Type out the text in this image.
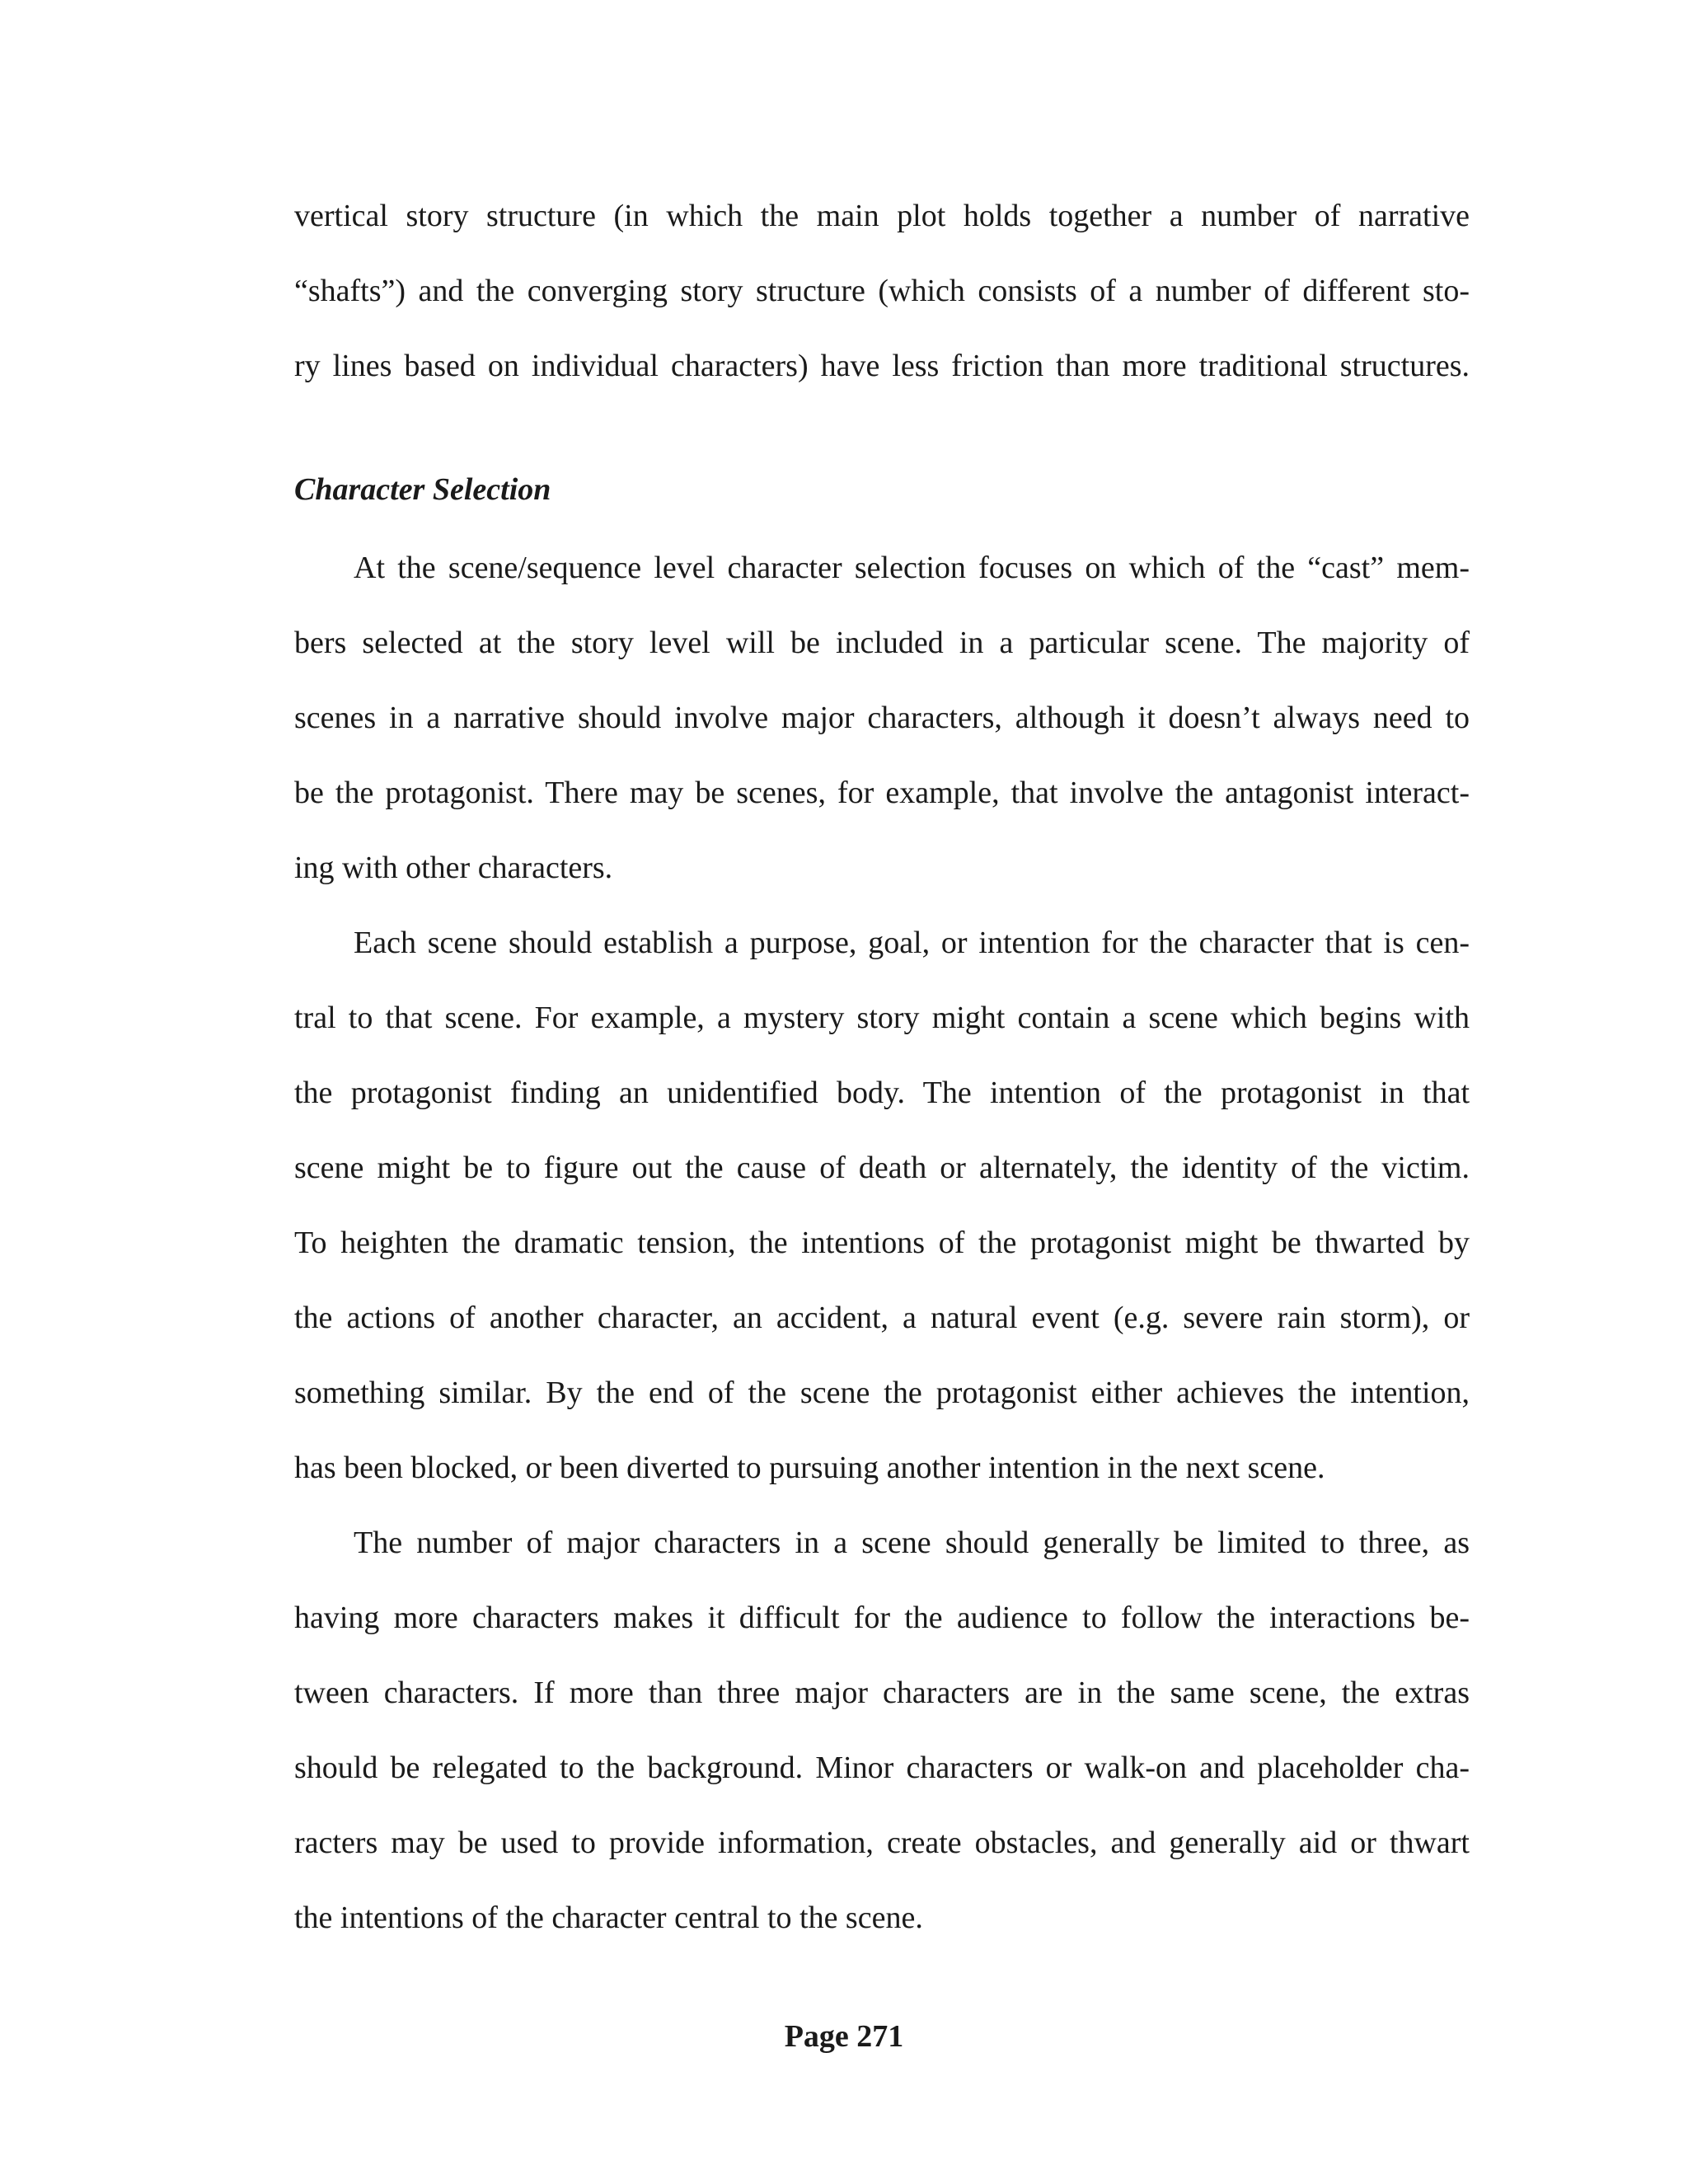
vertical story structure (in which the main plot holds together a number of narrative
“shafts”) and the converging story structure (which consists of a number of different sto-
ry lines based on individual characters) have less friction than more traditional structures.
Character Selection
At the scene/sequence level character selection focuses on which of the “cast” mem-
bers selected at the story level will be included in a particular scene. The majority of
scenes in a narrative should involve major characters, although it doesn’t always need to
be the protagonist. There may be scenes, for example, that involve the antagonist interact-
ing with other characters.
Each scene should establish a purpose, goal, or intention for the character that is cen-
tral to that scene. For example, a mystery story might contain a scene which begins with
the protagonist finding an unidentified body. The intention of the protagonist in that
scene might be to figure out the cause of death or alternately, the identity of the victim.
To heighten the dramatic tension, the intentions of the protagonist might be thwarted by
the actions of another character, an accident, a natural event (e.g. severe rain storm), or
something similar. By the end of the scene the protagonist either achieves the intention,
has been blocked, or been diverted to pursuing another intention in the next scene.
The number of major characters in a scene should generally be limited to three, as
having more characters makes it difficult for the audience to follow the interactions be-
tween characters. If more than three major characters are in the same scene, the extras
should be relegated to the background. Minor characters or walk-on and placeholder cha-
racters may be used to provide information, create obstacles, and generally aid or thwart
the intentions of the character central to the scene.
Page 271
